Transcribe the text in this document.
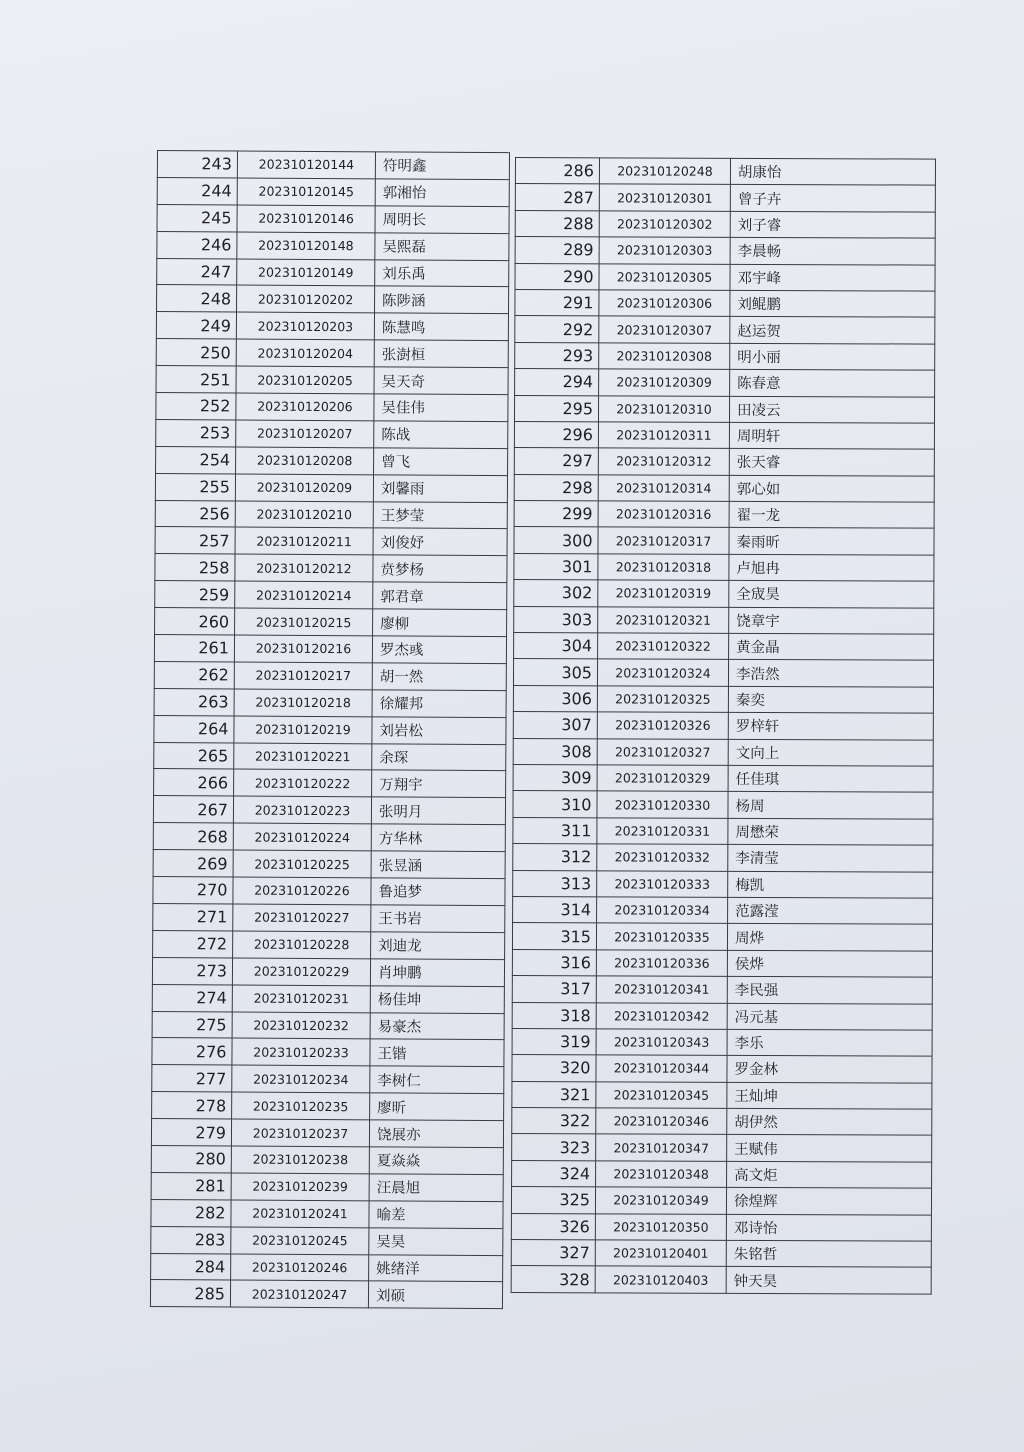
243	202310120144	符明鑫
244	202310120145	郭湘怡
245	202310120146	周明长
246	202310120148	吴熙磊
247	202310120149	刘乐禹
248	202310120202	陈陟涵
249	202310120203	陈慧鸣
250	202310120204	张澍桓
251	202310120205	吴天奇
252	202310120206	吴佳伟
253	202310120207	陈战
254	202310120208	曾飞
255	202310120209	刘馨雨
256	202310120210	王梦莹
257	202310120211	刘俊妤
258	202310120212	贲梦杨
259	202310120214	郭君章
260	202310120215	廖柳
261	202310120216	罗杰彧
262	202310120217	胡一然
263	202310120218	徐耀邦
264	202310120219	刘岩松
265	202310120221	余琛
266	202310120222	万翔宇
267	202310120223	张明月
268	202310120224	方华林
269	202310120225	张昱涵
270	202310120226	鲁追梦
271	202310120227	王书岩
272	202310120228	刘迪龙
273	202310120229	肖坤鹏
274	202310120231	杨佳坤
275	202310120232	易豪杰
276	202310120233	王锴
277	202310120234	李树仁
278	202310120235	廖昕
279	202310120237	饶展亦
280	202310120238	夏焱焱
281	202310120239	汪晨旭
282	202310120241	喻差
283	202310120245	吴昊
284	202310120246	姚绪洋
285	202310120247	刘硕
286	202310120248	胡康怡
287	202310120301	曾子卉
288	202310120302	刘子睿
289	202310120303	李晨畅
290	202310120305	邓宇峰
291	202310120306	刘鲲鹏
292	202310120307	赵运贺
293	202310120308	明小丽
294	202310120309	陈春意
295	202310120310	田凌云
296	202310120311	周明轩
297	202310120312	张天睿
298	202310120314	郭心如
299	202310120316	翟一龙
300	202310120317	秦雨昕
301	202310120318	卢旭冉
302	202310120319	全宬昊
303	202310120321	饶章宇
304	202310120322	黄金晶
305	202310120324	李浩然
306	202310120325	秦奕
307	202310120326	罗梓轩
308	202310120327	文向上
309	202310120329	任佳琪
310	202310120330	杨周
311	202310120331	周懋荣
312	202310120332	李清莹
313	202310120333	梅凯
314	202310120334	范露滢
315	202310120335	周烨
316	202310120336	侯烨
317	202310120341	李民强
318	202310120342	冯元基
319	202310120343	李乐
320	202310120344	罗金林
321	202310120345	王灿坤
322	202310120346	胡伊然
323	202310120347	王赋伟
324	202310120348	高文炬
325	202310120349	徐煌辉
326	202310120350	邓诗怡
327	202310120401	朱铭哲
328	202310120403	钟天昊
